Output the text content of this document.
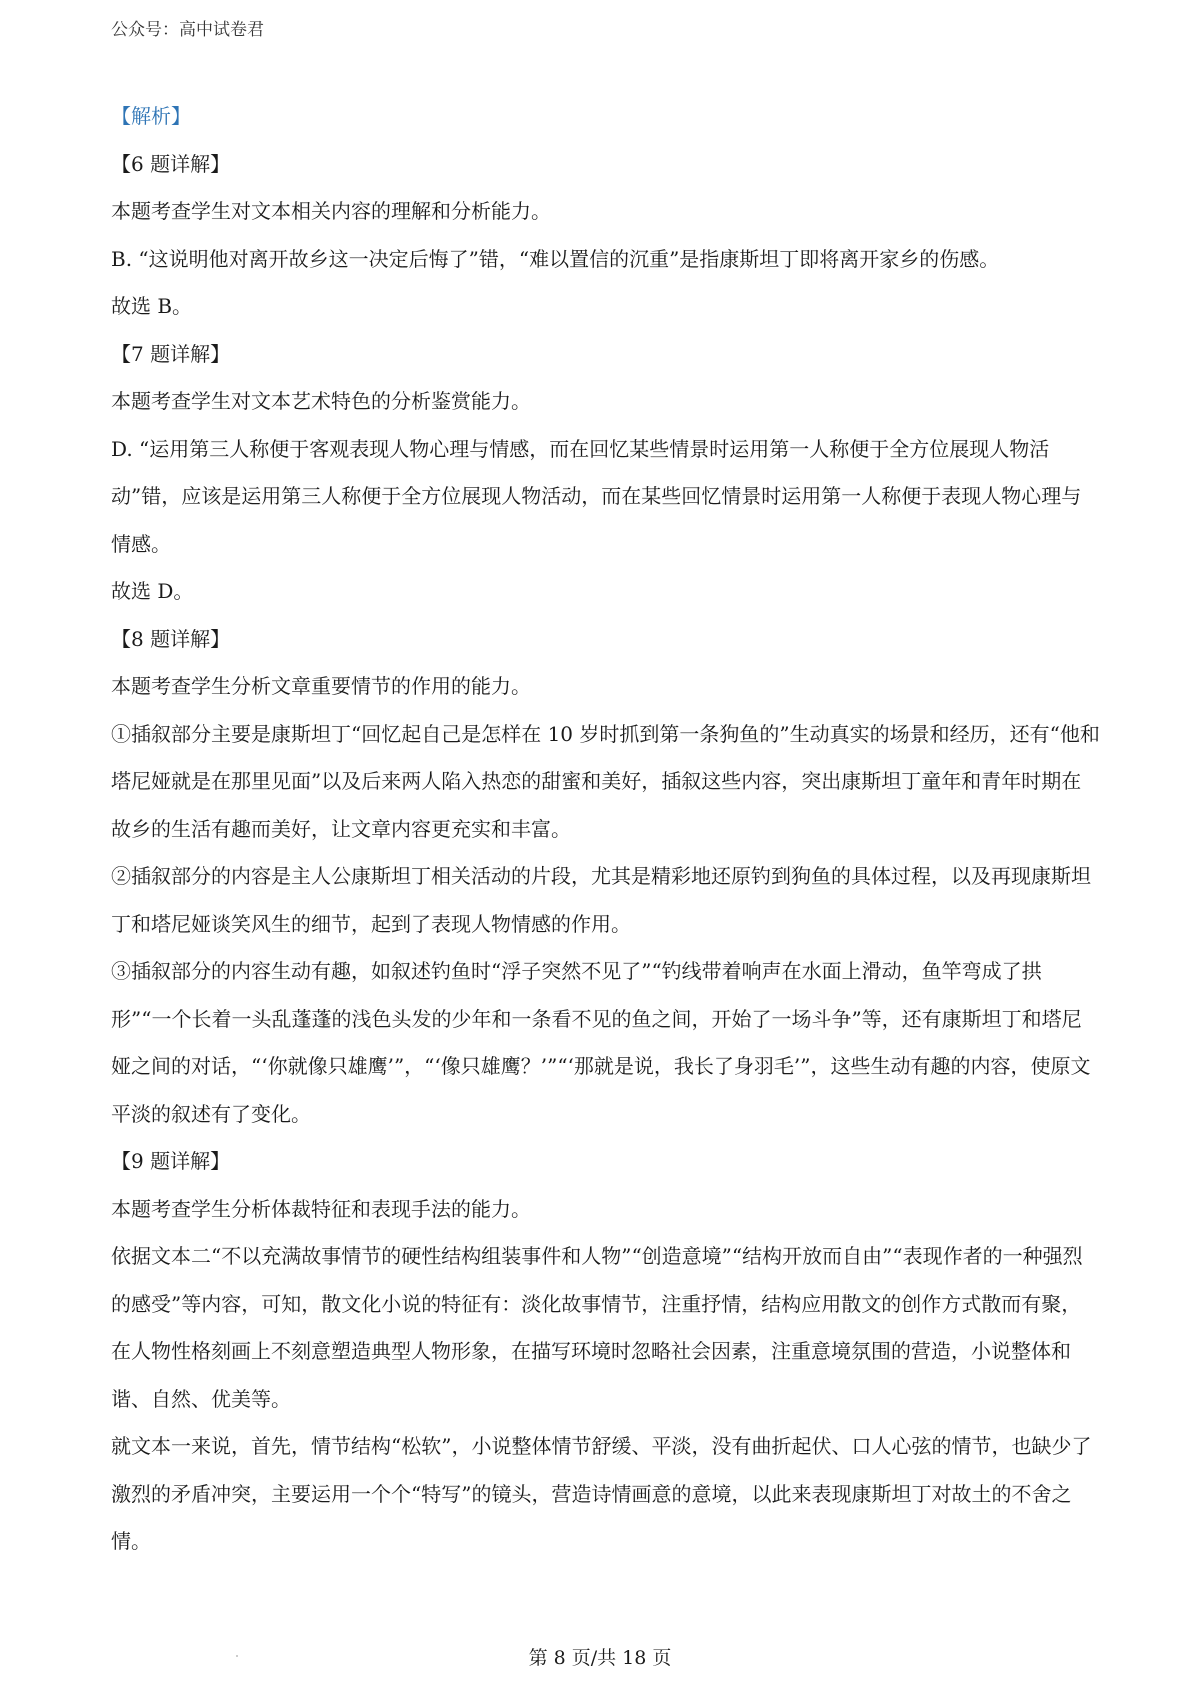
公众号：高中试卷君

【解析】

【6 题详解】

本题考查学生对文本相关内容的理解和分析能力。

B. “这说明他对离开故乡这一决定后悔了”错，“难以置信的沉重”是指康斯坦丁即将离开家乡的伤感。

故选 B。

【7 题详解】

本题考查学生对文本艺术特色的分析鉴赏能力。

D. “运用第三人称便于客观表现人物心理与情感，而在回忆某些情景时运用第一人称便于全方位展现人物活动”错，应该是运用第三人称便于全方位展现人物活动，而在某些回忆情景时运用第一人称便于表现人物心理与情感。

故选 D。

【8 题详解】

本题考查学生分析文章重要情节的作用的能力。

①插叙部分主要是康斯坦丁“回忆起自己是怎样在 10 岁时抓到第一条狗鱼的”生动真实的场景和经历，还有“他和塔尼娅就是在那里见面”以及后来两人陷入热恋的甜蜜和美好，插叙这些内容，突出康斯坦丁童年和青年时期在故乡的生活有趣而美好，让文章内容更充实和丰富。

②插叙部分的内容是主人公康斯坦丁相关活动的片段，尤其是精彩地还原钓到狗鱼的具体过程，以及再现康斯坦丁和塔尼娅谈笑风生的细节，起到了表现人物情感的作用。

③插叙部分的内容生动有趣，如叙述钓鱼时“浮子突然不见了”“钓线带着响声在水面上滑动，鱼竿弯成了拱形”“一个长着一头乱蓬蓬的浅色头发的少年和一条看不见的鱼之间，开始了一场斗争”等，还有康斯坦丁和塔尼娅之间的对话，“‘你就像只雄鹰’”，“‘像只雄鹰？’”“‘那就是说，我长了身羽毛’”，这些生动有趣的内容，使原文平淡的叙述有了变化。

【9 题详解】

本题考查学生分析体裁特征和表现手法的能力。

依据文本二“不以充满故事情节的硬性结构组装事件和人物”“创造意境”“结构开放而自由”“表现作者的一种强烈的感受”等内容，可知，散文化小说的特征有：淡化故事情节，注重抒情，结构应用散文的创作方式散而有聚，在人物性格刻画上不刻意塑造典型人物形象，在描写环境时忽略社会因素，注重意境氛围的营造，小说整体和谐、自然、优美等。

就文本一来说，首先，情节结构“松软”，小说整体情节舒缓、平淡，没有曲折起伏、口人心弦的情节，也缺少了激烈的矛盾冲突，主要运用一个个“特写”的镜头，营造诗情画意的意境，以此来表现康斯坦丁对故土的不舍之情。

第 8 页/共 18 页
